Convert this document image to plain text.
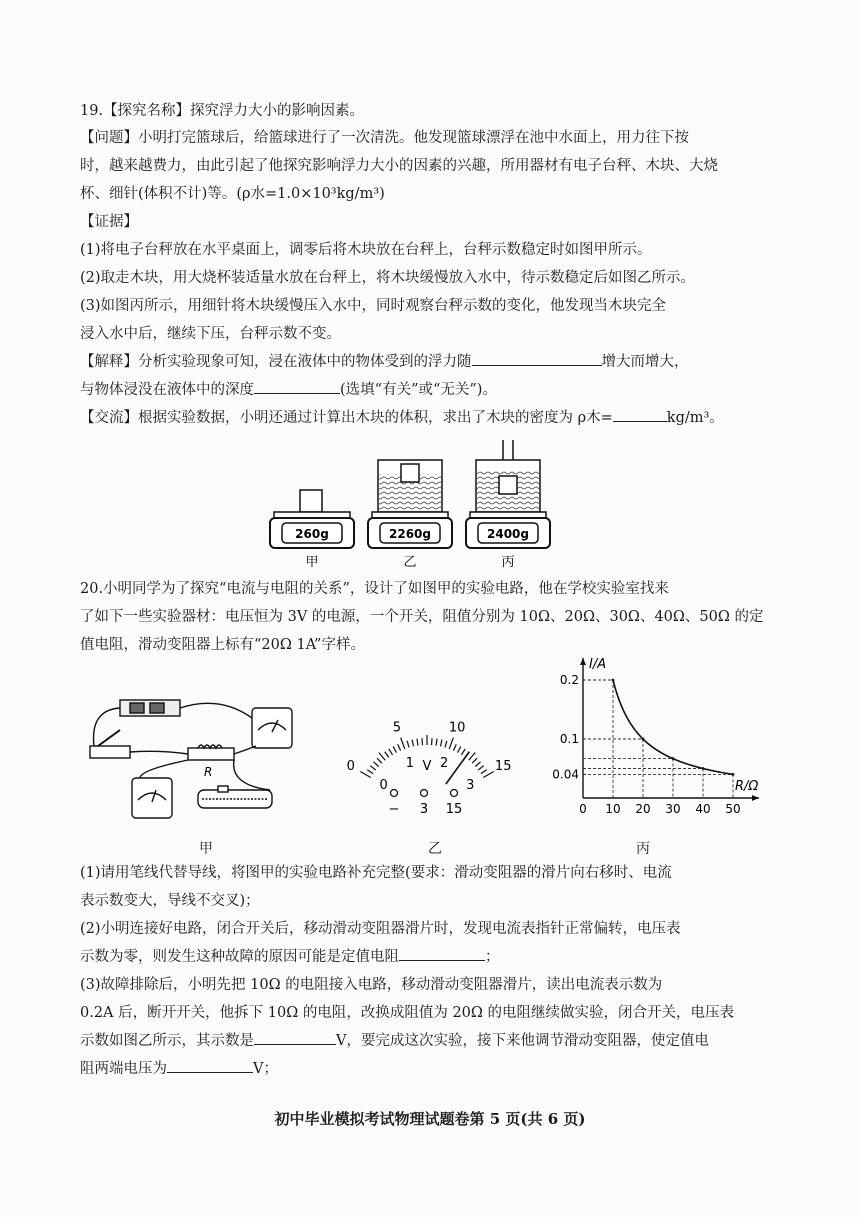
19.【探究名称】探究浮力大小的影响因素。
【问题】小明打完篮球后，给篮球进行了一次清洗。他发现篮球漂浮在池中水面上，用力往下按
时，越来越费力，由此引起了他探究影响浮力大小的因素的兴趣，所用器材有电子台秤、木块、大烧
杯、细针(体积不计)等。(ρ水=1.0×10³kg/m³)
【证据】
(1)将电子台秤放在水平桌面上，调零后将木块放在台秤上，台秤示数稳定时如图甲所示。
(2)取走木块，用大烧杯装适量水放在台秤上，将木块缓慢放入水中，待示数稳定后如图乙所示。
(3)如图丙所示，用细针将木块缓慢压入水中，同时观察台秤示数的变化，他发现当木块完全
浸入水中后，继续下压，台秤示数不变。
【解释】分析实验现象可知，浸在液体中的物体受到的浮力随	增大而增大，
与物体浸没在液体中的深度	(选填“有关”或“无关”)。
【交流】根据实验数据，小明还通过计算出木块的体积，求出了木块的密度为 ρ木=	kg/m³。
260g	2260g	2400g
甲	乙	丙
20.小明同学为了探究“电流与电阻的关系”，设计了如图甲的实验电路，他在学校实验室找来
了如下一些实验器材：电压恒为 3V 的电源，一个开关，阻值分别为 10Ω、20Ω、30Ω、40Ω、50Ω 的定
值电阻，滑动变阻器上标有“20Ω 1A”字样。
R	0
5	10
15
0
1 2
3
− 3 15
V
I/A
R/Ω
0 10 20 30 40 50
0.04
0.1
0.2
甲	乙	丙
(1)请用笔线代替导线，将图甲的实验电路补充完整(要求：滑动变阻器的滑片向右移时、电流
表示数变大，导线不交叉)；
(2)小明连接好电路，闭合开关后，移动滑动变阻器滑片时，发现电流表指针正常偏转，电压表
示数为零，则发生这种故障的原因可能是定值电阻	；
(3)故障排除后，小明先把 10Ω 的电阻接入电路，移动滑动变阻器滑片，读出电流表示数为
0.2A 后，断开开关，他拆下 10Ω 的电阻，改换成阻值为 20Ω 的电阻继续做实验，闭合开关，电压表
示数如图乙所示，其示数是	V，要完成这次实验，接下来他调节滑动变阻器，使定值电
阻两端电压为	V；
初中毕业模拟考试物理试题卷第 5 页(共 6 页)
